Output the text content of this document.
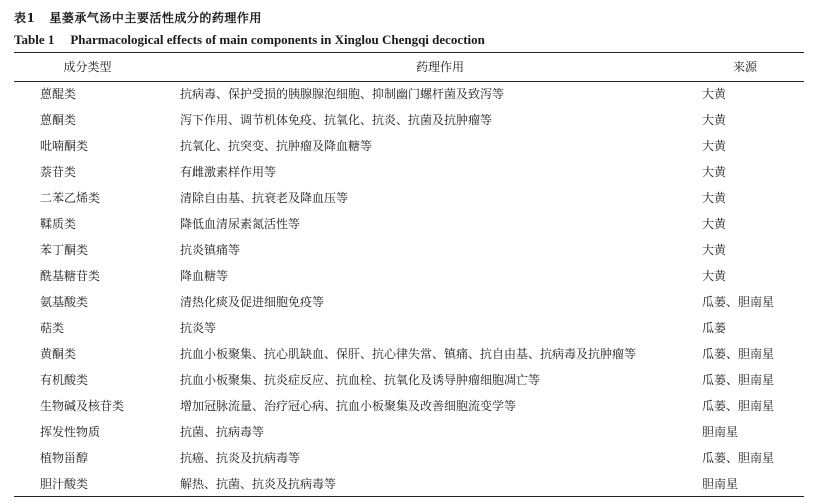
表1 星蒌承气汤中主要活性成分的药理作用
Table 1 Pharmacological effects of main components in Xinglou Chengqi decoction
成分类型	药理作用	来源
蒽醌类	抗病毒、保护受损的胰腺腺泡细胞、抑制幽门螺杆菌及致泻等	大黄
蒽酮类	泻下作用、调节机体免疫、抗氧化、抗炎、抗菌及抗肿瘤等	大黄
吡喃酮类	抗氧化、抗突变、抗肿瘤及降血糖等	大黄
萘苷类	有雌激素样作用等	大黄
二苯乙烯类	清除自由基、抗衰老及降血压等	大黄
鞣质类	降低血清尿素氮活性等	大黄
苯丁酮类	抗炎镇痛等	大黄
酰基糖苷类	降血糖等	大黄
氨基酸类	清热化痰及促进细胞免疫等	瓜蒌、胆南星
萜类	抗炎等	瓜蒌
黄酮类	抗血小板聚集、抗心肌缺血、保肝、抗心律失常、镇痛、抗自由基、抗病毒及抗肿瘤等	瓜蒌、胆南星
有机酸类	抗血小板聚集、抗炎症反应、抗血栓、抗氧化及诱导肿瘤细胞凋亡等	瓜蒌、胆南星
生物碱及核苷类	增加冠脉流量、治疗冠心病、抗血小板聚集及改善细胞流变学等	瓜蒌、胆南星
挥发性物质	抗菌、抗病毒等	胆南星
植物甾醇	抗癌、抗炎及抗病毒等	瓜蒌、胆南星
胆汁酸类	解热、抗菌、抗炎及抗病毒等	胆南星
